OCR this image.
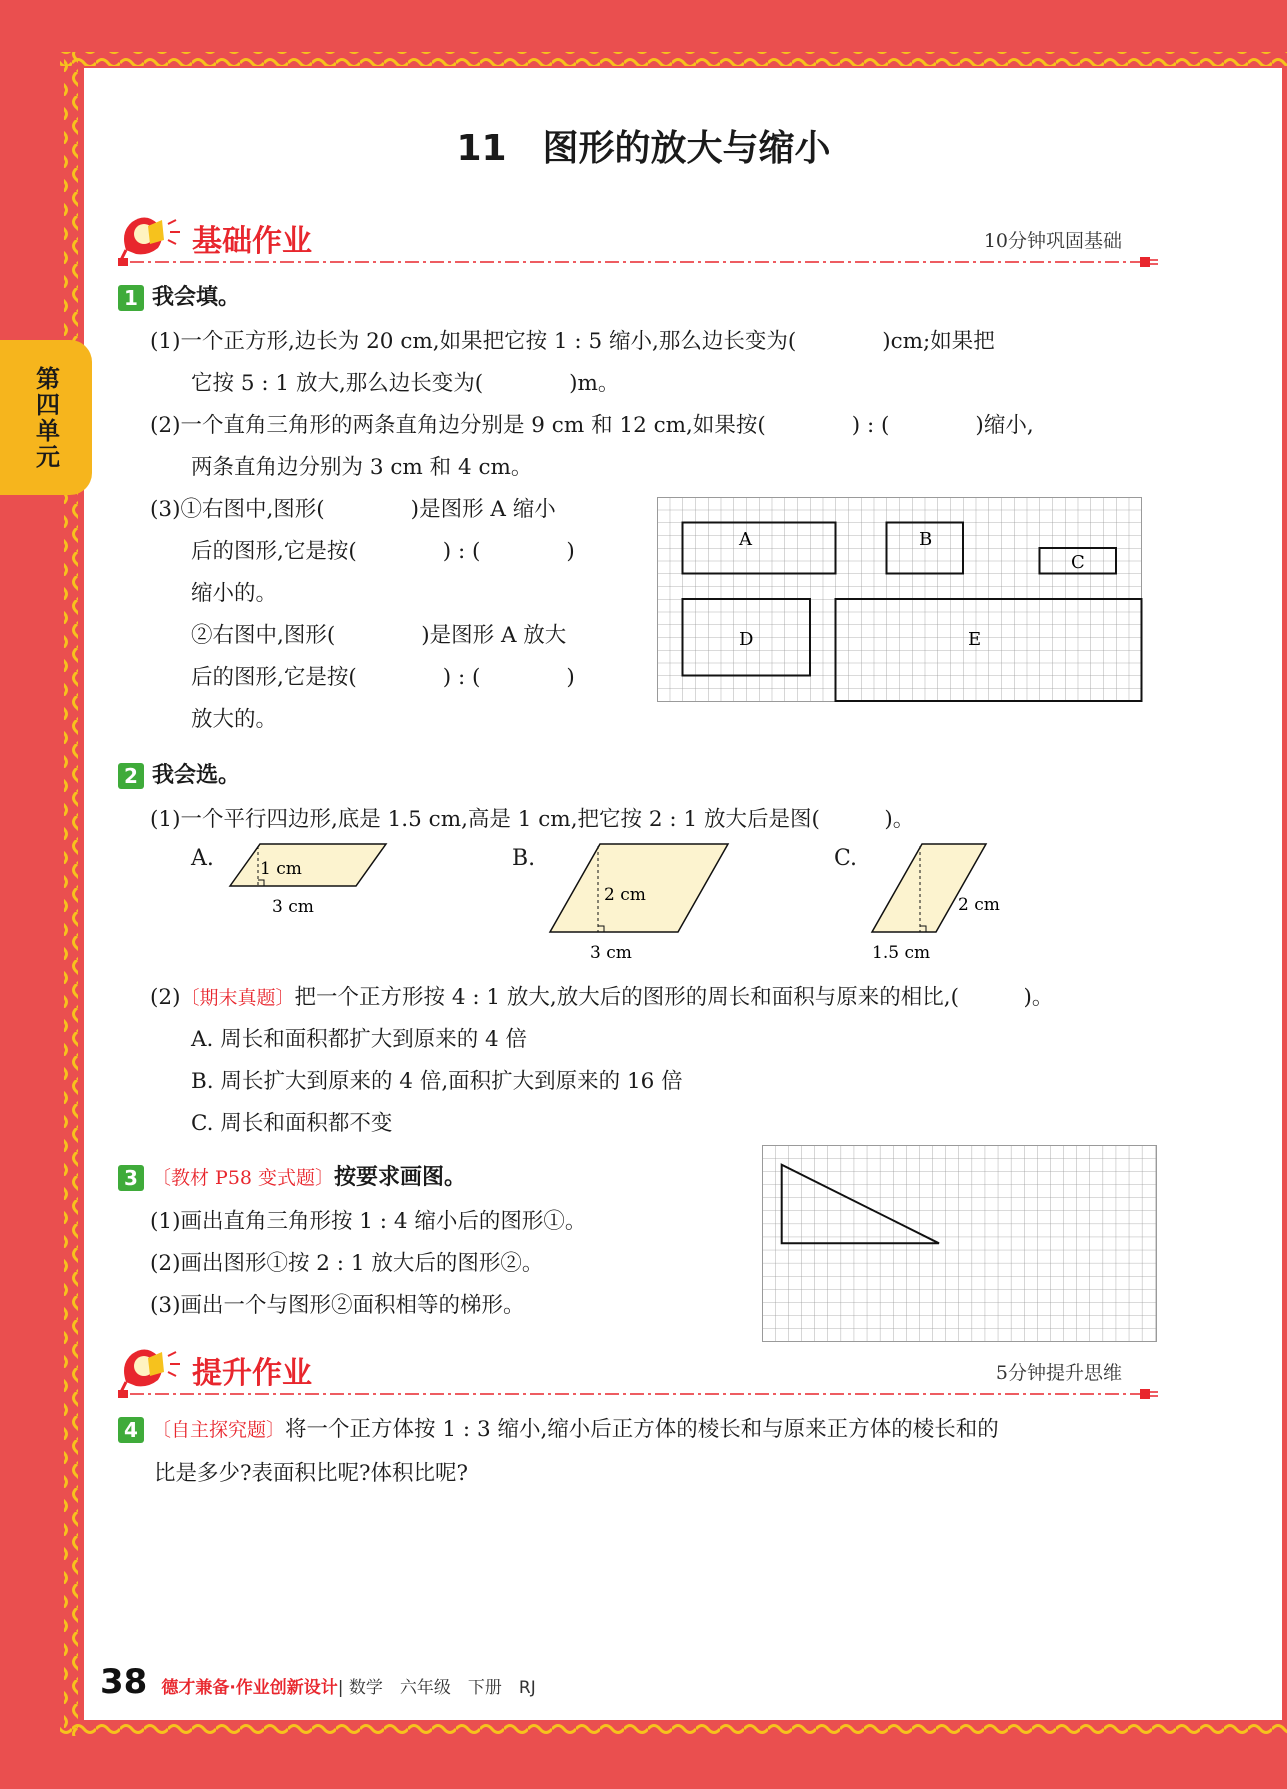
第四单元
11　图形的放大与缩小
基础作业	10分钟巩固基础
1 我会填。
(1)一个正方形,边长为 20 cm,如果把它按 1 : 5 缩小,那么边长变为(　　　　)cm;如果把
它按 5 : 1 放大,那么边长变为(　　　　)m。
(2)一个直角三角形的两条直角边分别是 9 cm 和 12 cm,如果按(　　　　) : (　　　　)缩小,
两条直角边分别为 3 cm 和 4 cm。
(3)①右图中,图形(　　　　)是图形 A 缩小
后的图形,它是按(　　　　) : (　　　　)
缩小的。
②右图中,图形(　　　　)是图形 A 放大
后的图形,它是按(　　　　) : (　　　　)
放大的。
A	B
C
D	E
2 我会选。
(1)一个平行四边形,底是 1.5 cm,高是 1 cm,把它按 2 : 1 放大后是图(　　　)。
A.	1 cm
3 cm
B.
2 cm
3 cm
C.
2 cm
1.5 cm
(2)〔期末真题〕把一个正方形按 4 : 1 放大,放大后的图形的周长和面积与原来的相比,(　　　)。
A. 周长和面积都扩大到原来的 4 倍
B. 周长扩大到原来的 4 倍,面积扩大到原来的 16 倍
C. 周长和面积都不变
3 〔教材 P58 变式题〕按要求画图。
(1)画出直角三角形按 1 : 4 缩小后的图形①。
(2)画出图形①按 2 : 1 放大后的图形②。
(3)画出一个与图形②面积相等的梯形。
提升作业	5分钟提升思维
4 〔自主探究题〕将一个正方体按 1 : 3 缩小,缩小后正方体的棱长和与原来正方体的棱长和的
比是多少?表面积比呢?体积比呢?
38 德才兼备·作业创新设计| 数学　六年级　下册　RJ
